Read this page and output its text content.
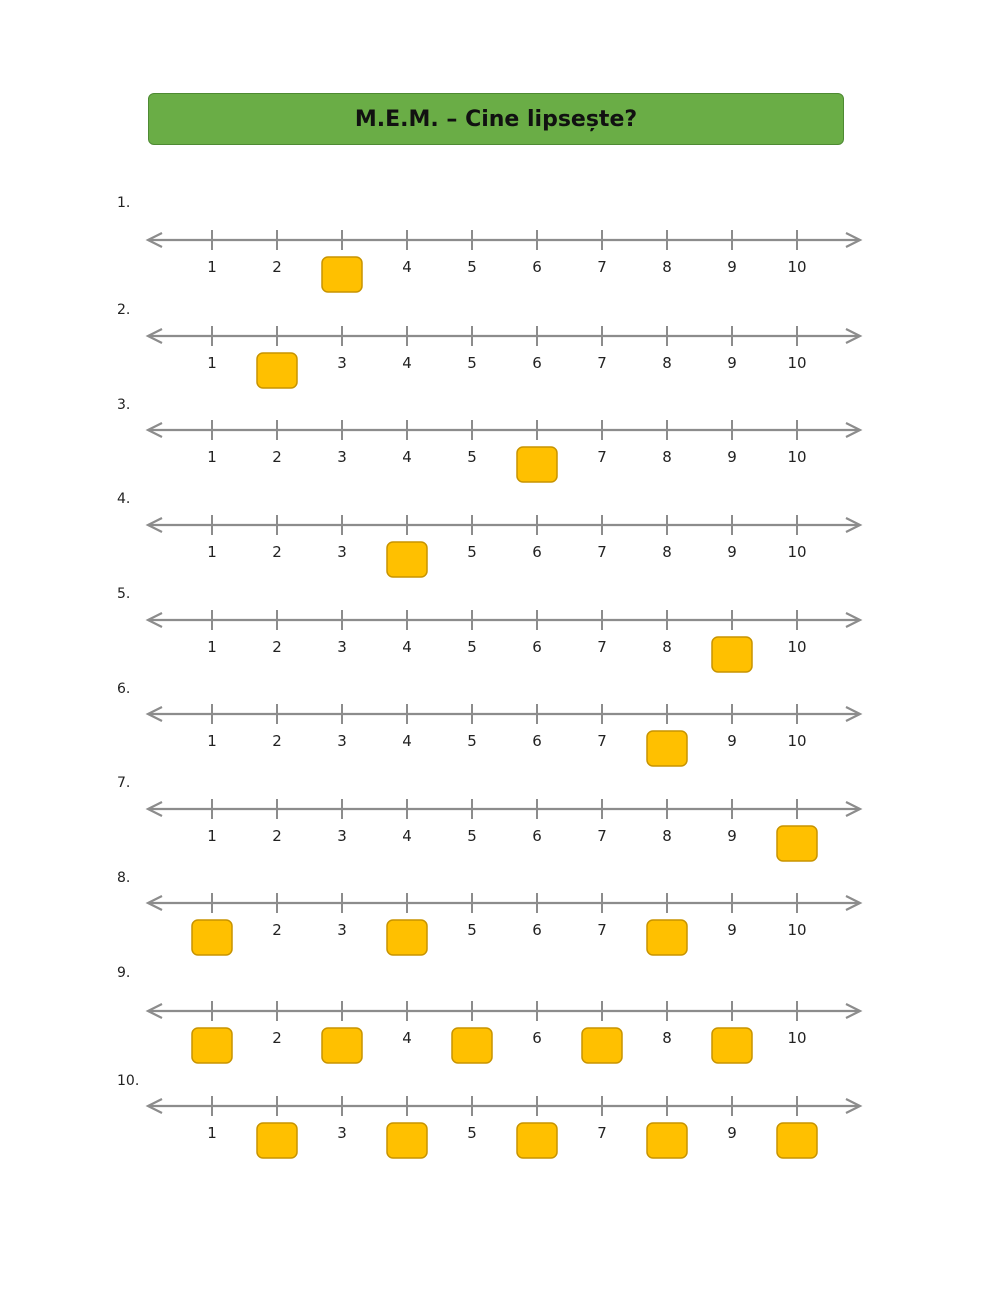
M.E.M. – Cine lipsește?
1.
1	2	4	5	6	7	8	9	10
2.
1	3	4	5	6	7	8	9	10
3.
1	2	3	4	5	7	8	9	10
4.
1	2	3	5	6	7	8	9	10
5.
1	2	3	4	5	6	7	8	10
6.
1	2	3	4	5	6	7	9	10
7.
1	2	3	4	5	6	7	8	9
8.
2	3	5	6	7	9	10
9.
2	4	6	8	10
10.
1	3	5	7	9
